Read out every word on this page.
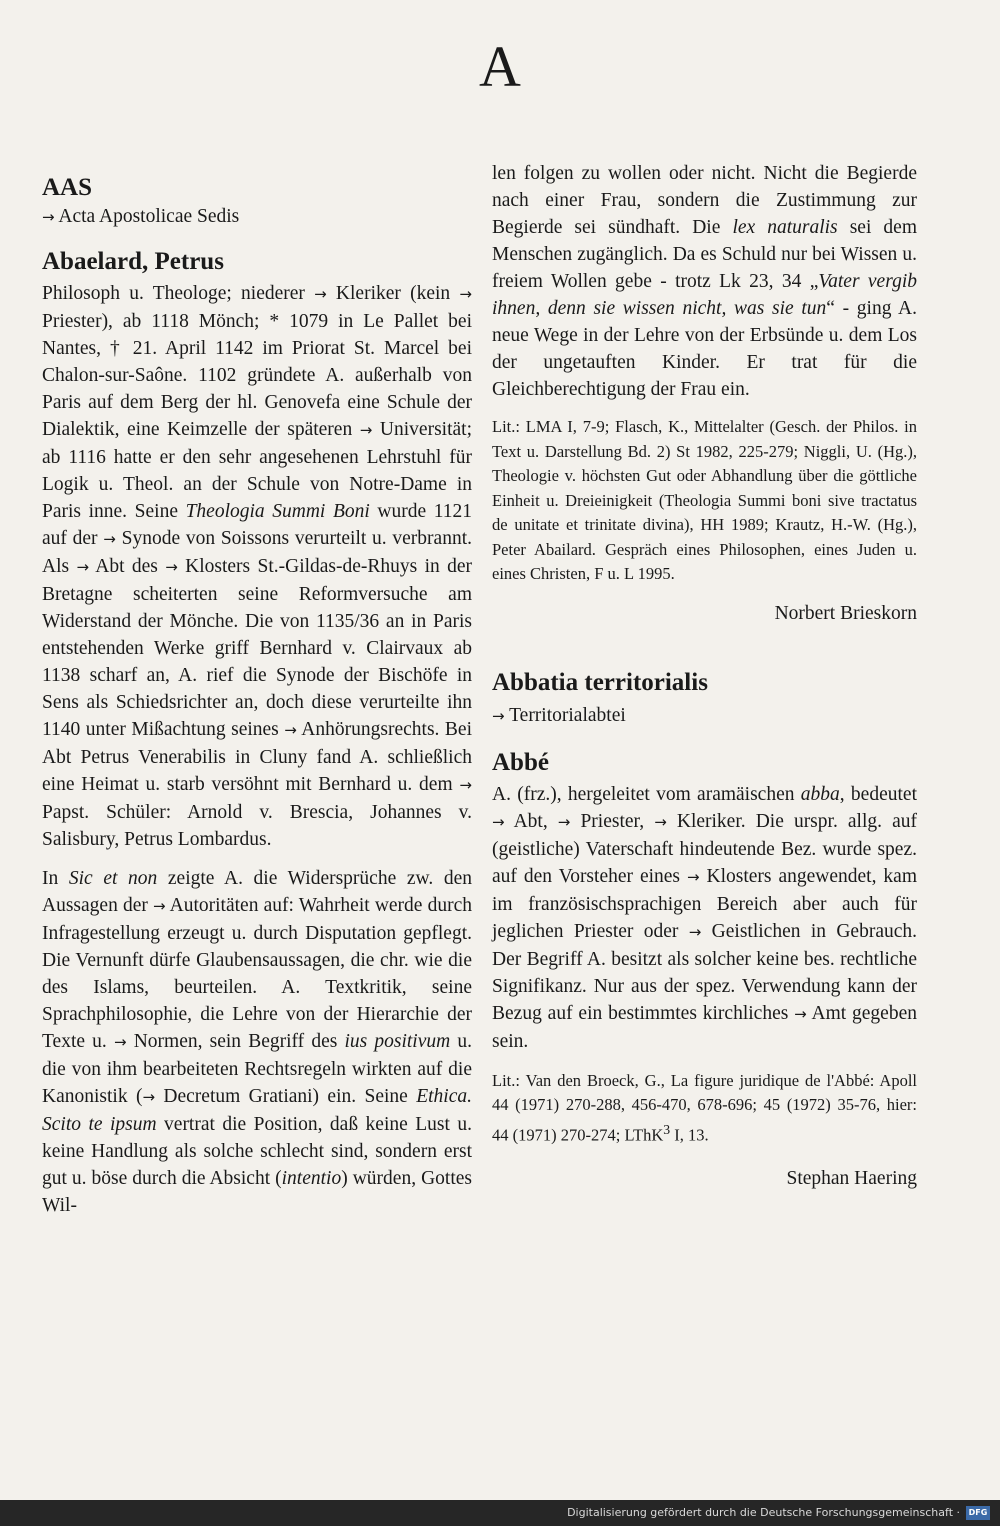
A
AAS

→ Acta Apostolicae Sedis

Abaelard, Petrus

Philosoph u. Theologe; niederer → Kleriker (kein → Priester), ab 1118 Mönch; * 1079 in Le Pallet bei Nantes, † 21. April 1142 im Priorat St. Marcel bei Chalon-sur-Saône. 1102 gründete A. außerhalb von Paris auf dem Berg der hl. Genovefa eine Schule der Dialektik, eine Keimzelle der späteren → Universität; ab 1116 hatte er den sehr angesehenen Lehrstuhl für Logik u. Theol. an der Schule von Notre-Dame in Paris inne. Seine Theologia Summi Boni wurde 1121 auf der → Synode von Soissons verurteilt u. verbrannt. Als → Abt des → Klosters St.-Gildas-de-Rhuys in der Bretagne scheiterten seine Reformversuche am Widerstand der Mönche. Die von 1135/36 an in Paris entstehenden Werke griff Bernhard v. Clairvaux ab 1138 scharf an, A. rief die Synode der Bischöfe in Sens als Schiedsrichter an, doch diese verurteilte ihn 1140 unter Mißachtung seines → Anhörungsrechts. Bei Abt Petrus Venerabilis in Cluny fand A. schließlich eine Heimat u. starb versöhnt mit Bernhard u. dem → Papst. Schüler: Arnold v. Brescia, Johannes v. Salisbury, Petrus Lombardus.

In Sic et non zeigte A. die Widersprüche zw. den Aussagen der → Autoritäten auf: Wahrheit werde durch Infragestellung erzeugt u. durch Disputation gepflegt. Die Vernunft dürfe Glaubensaussagen, die chr. wie die des Islams, beurteilen. A. Textkritik, seine Sprachphilosophie, die Lehre von der Hierarchie der Texte u. → Normen, sein Begriff des ius positivum u. die von ihm bearbeiteten Rechtsregeln wirkten auf die Kanonistik (→ Decretum Gratiani) ein. Seine Ethica. Scito te ipsum vertrat die Position, daß keine Lust u. keine Handlung als solche schlecht sind, sondern erst gut u. böse durch die Absicht (intentio) würden, Gottes Wil-

len folgen zu wollen oder nicht. Nicht die Begierde nach einer Frau, sondern die Zustimmung zur Begierde sei sündhaft. Die lex naturalis sei dem Menschen zugänglich. Da es Schuld nur bei Wissen u. freiem Wollen gebe - trotz Lk 23, 34 „Vater vergib ihnen, denn sie wissen nicht, was sie tun“ - ging A. neue Wege in der Lehre von der Erbsünde u. dem Los der ungetauften Kinder. Er trat für die Gleichberechtigung der Frau ein.

Lit.: LMA I, 7-9; Flasch, K., Mittelalter (Gesch. der Philos. in Text u. Darstellung Bd. 2) St 1982, 225-279; Niggli, U. (Hg.), Theologie v. höchsten Gut oder Abhandlung über die göttliche Einheit u. Dreieinigkeit (Theologia Summi boni sive tractatus de unitate et trinitate divina), HH 1989; Krautz, H.-W. (Hg.), Peter Abailard. Gespräch eines Philosophen, eines Juden u. eines Christen, F u. L 1995.

Norbert Brieskorn

Abbatia territorialis

→ Territorialabtei

Abbé

A. (frz.), hergeleitet vom aramäischen abba, bedeutet → Abt, → Priester, → Kleriker. Die urspr. allg. auf (geistliche) Vaterschaft hindeutende Bez. wurde spez. auf den Vorsteher eines → Klosters angewendet, kam im französischsprachigen Bereich aber auch für jeglichen Priester oder → Geistlichen in Gebrauch. Der Begriff A. besitzt als solcher keine bes. rechtliche Signifikanz. Nur aus der spez. Verwendung kann der Bezug auf ein bestimmtes kirchliches → Amt gegeben sein.

Lit.: Van den Broeck, G., La figure juridique de l'Abbé: Apoll 44 (1971) 270-288, 456-470, 678-696; 45 (1972) 35-76, hier: 44 (1971) 270-274; LThK$^3$ I, 13.

Stephan Haering

Digitalisierung gefördert durch die Deutsche Forschungsgemeinschaft ·	DFG
